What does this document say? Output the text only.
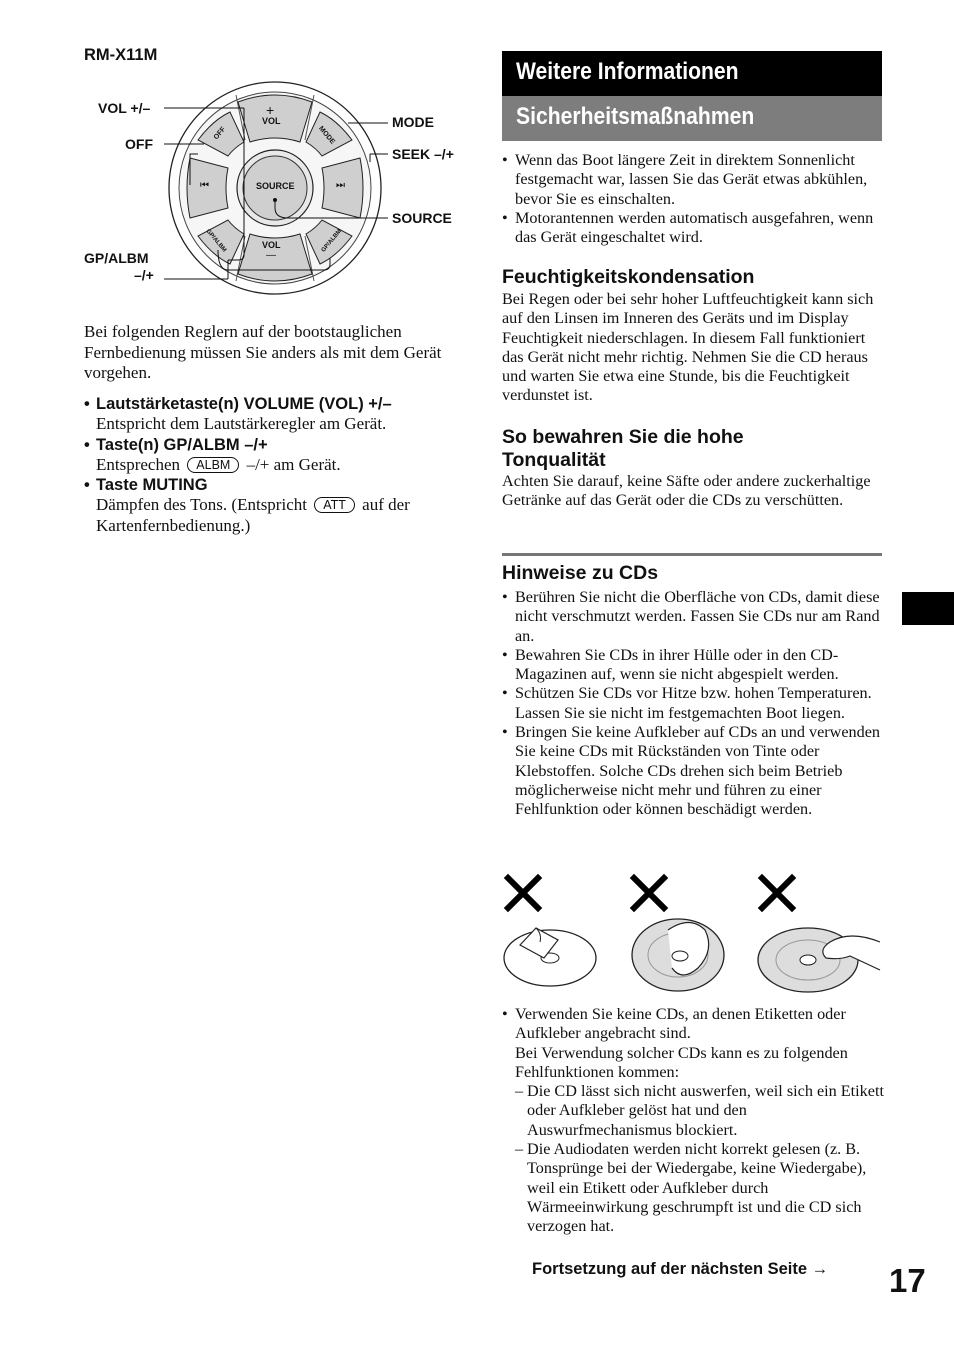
RM-X11M
VOL
+
VOL
—
SOURCE
⏮	⏭
OFF	MODE
GP/ALBM	GP/ALBM
VOL +/–
OFF
MODE
SEEK –/+
SOURCE
GP/ALBM
–/+
Bei folgenden Reglern auf der bootstauglichen Fernbedienung müssen Sie anders als mit dem Gerät vorgehen.
• Lautstärketaste(n) VOLUME (VOL) +/–
Entspricht dem Lautstärkeregler am Gerät.
• Taste(n) GP/ALBM –/+
Entsprechen ALBM –/+ am Gerät.
• Taste MUTING
Dämpfen des Tons. (Entspricht ATT auf der Kartenfernbedienung.)
Weitere Informationen
Sicherheitsmaßnahmen
• Wenn das Boot längere Zeit in direktem Sonnenlicht festgemacht war, lassen Sie das Gerät etwas abkühlen, bevor Sie es einschalten.
• Motorantennen werden automatisch ausgefahren, wenn das Gerät eingeschaltet wird.
Feuchtigkeitskondensation
Bei Regen oder bei sehr hoher Luftfeuchtigkeit kann sich auf den Linsen im Inneren des Geräts und im Display Feuchtigkeit niederschlagen. In diesem Fall funktioniert das Gerät nicht mehr richtig. Nehmen Sie die CD heraus und warten Sie etwa eine Stunde, bis die Feuchtigkeit verdunstet ist.
So bewahren Sie die hohe Tonqualität
Achten Sie darauf, keine Säfte oder andere zuckerhaltige Getränke auf das Gerät oder die CDs zu verschütten.
Hinweise zu CDs
• Berühren Sie nicht die Oberfläche von CDs, damit diese nicht verschmutzt werden. Fassen Sie CDs nur am Rand an.
• Bewahren Sie CDs in ihrer Hülle oder in den CD-Magazinen auf, wenn sie nicht abgespielt werden.
• Schützen Sie CDs vor Hitze bzw. hohen Temperaturen. Lassen Sie sie nicht im festgemachten Boot liegen.
• Bringen Sie keine Aufkleber auf CDs an und verwenden Sie keine CDs mit Rückständen von Tinte oder Klebstoffen. Solche CDs drehen sich beim Betrieb möglicherweise nicht mehr und führen zu einer Fehlfunktion oder können beschädigt werden.
• Verwenden Sie keine CDs, an denen Etiketten oder Aufkleber angebracht sind.
Bei Verwendung solcher CDs kann es zu folgenden Fehlfunktionen kommen:
– Die CD lässt sich nicht auswerfen, weil sich ein Etikett oder Aufkleber gelöst hat und den Auswurfmechanismus blockiert.
– Die Audiodaten werden nicht korrekt gelesen (z. B. Tonsprünge bei der Wiedergabe, keine Wiedergabe), weil ein Etikett oder Aufkleber durch Wärmeeinwirkung geschrumpft ist und die CD sich verzogen hat.
Fortsetzung auf der nächsten Seite → 17
